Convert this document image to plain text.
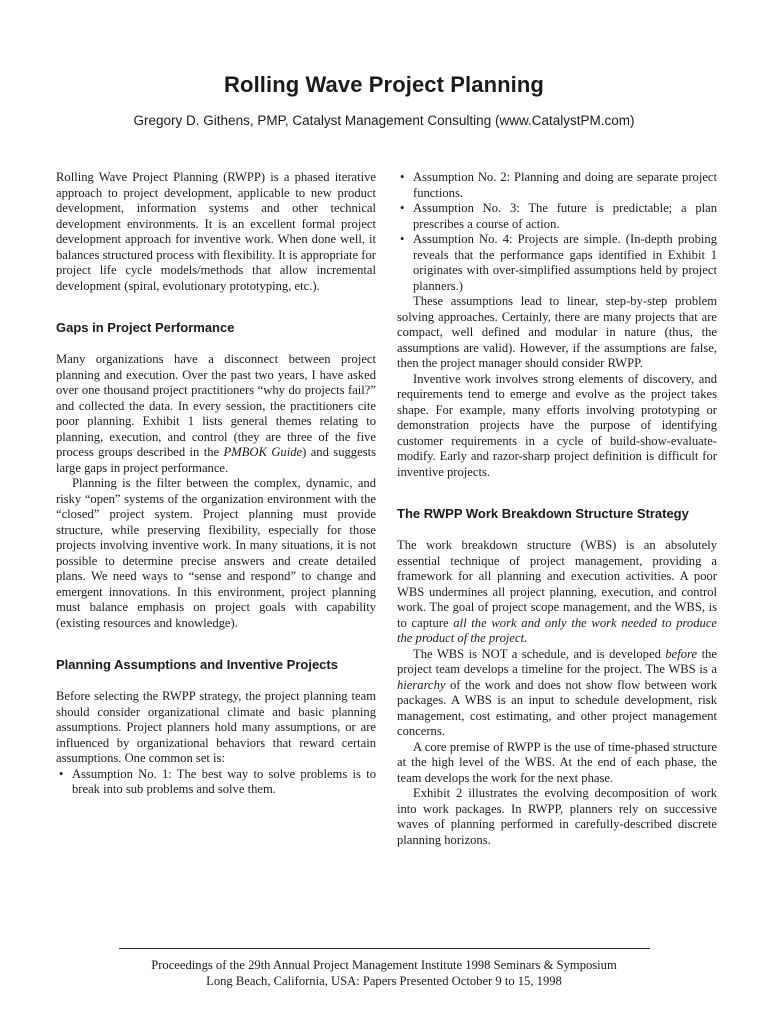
Rolling Wave Project Planning
Gregory D. Githens, PMP, Catalyst Management Consulting (www.CatalystPM.com)

Rolling Wave Project Planning (RWPP) is a phased iterative approach to project development, applicable to new product development, information systems and other technical development environments. It is an excellent formal project development approach for inventive work. When done well, it balances structured process with flexibility. It is appropriate for project life cycle models/methods that allow incremental development (spiral, evolutionary prototyping, etc.).

Gaps in Project Performance

Many organizations have a disconnect between project planning and execution. Over the past two years, I have asked over one thousand project practitioners “why do projects fail?” and collected the data. In every session, the practitioners cite poor planning. Exhibit 1 lists general themes relating to planning, execution, and control (they are three of the five process groups described in the PMBOK Guide) and suggests large gaps in project performance.

Planning is the filter between the complex, dynamic, and risky “open” systems of the organization environment with the “closed” project system. Project planning must provide structure, while preserving flexibility, especially for those projects involving inventive work. In many situations, it is not possible to determine precise answers and create detailed plans. We need ways to “sense and respond” to change and emergent innovations. In this environment, project planning must balance emphasis on project goals with capability (existing resources and knowledge).

Planning Assumptions and Inventive Projects

Before selecting the RWPP strategy, the project planning team should consider organizational climate and basic planning assumptions. Project planners hold many assumptions, or are influenced by organizational behaviors that reward certain assumptions. One common set is:

• Assumption No. 1: The best way to solve problems is to break into sub problems and solve them.
• Assumption No. 2: Planning and doing are separate project functions.
• Assumption No. 3: The future is predictable; a plan prescribes a course of action.
• Assumption No. 4: Projects are simple. (In-depth probing reveals that the performance gaps identified in Exhibit 1 originates with over-simplified assumptions held by project planners.)

These assumptions lead to linear, step-by-step problem solving approaches. Certainly, there are many projects that are compact, well defined and modular in nature (thus, the assumptions are valid). However, if the assumptions are false, then the project manager should consider RWPP.

Inventive work involves strong elements of discovery, and requirements tend to emerge and evolve as the project takes shape. For example, many efforts involving prototyping or demonstration projects have the purpose of identifying customer requirements in a cycle of build-show-evaluate-modify. Early and razor-sharp project definition is difficult for inventive projects.

The RWPP Work Breakdown Structure Strategy

The work breakdown structure (WBS) is an absolutely essential technique of project management, providing a framework for all planning and execution activities. A poor WBS undermines all project planning, execution, and control work. The goal of project scope management, and the WBS, is to capture all the work and only the work needed to produce the product of the project.

The WBS is NOT a schedule, and is developed before the project team develops a timeline for the project. The WBS is a hierarchy of the work and does not show flow between work packages. A WBS is an input to schedule development, risk management, cost estimating, and other project management concerns.

A core premise of RWPP is the use of time-phased structure at the high level of the WBS. At the end of each phase, the team develops the work for the next phase.

Exhibit 2 illustrates the evolving decomposition of work into work packages. In RWPP, planners rely on successive waves of planning performed in carefully-described discrete planning horizons.

Proceedings of the 29th Annual Project Management Institute 1998 Seminars & Symposium
Long Beach, California, USA: Papers Presented October 9 to 15, 1998
